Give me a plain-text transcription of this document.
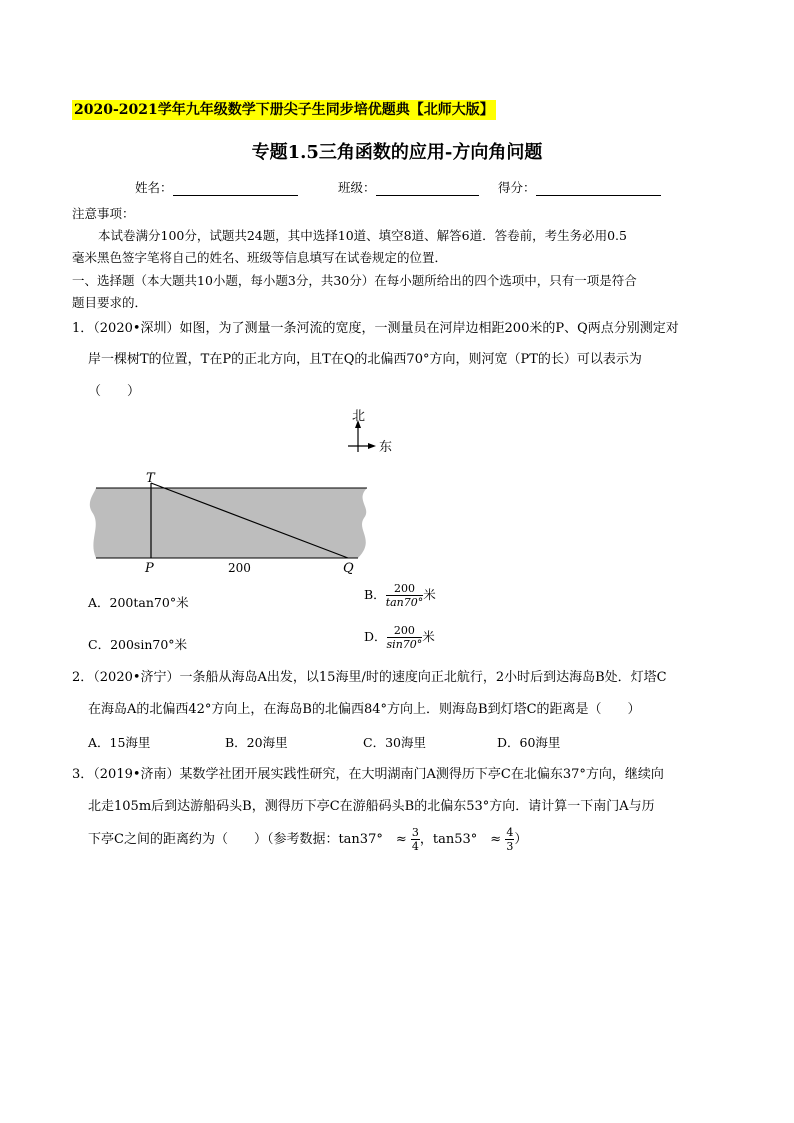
2020-2021学年九年级数学下册尖子生同步培优题典【北师大版】
专题1.5三角函数的应用-方向角问题
姓名：	班级：	得分：
注意事项：
本试卷满分100分，试题共24题，其中选择10道、填空8道、解答6道．答卷前，考生务必用0.5
毫米黑色签字笔将自己的姓名、班级等信息填写在试卷规定的位置．
一、选择题（本大题共10小题，每小题3分，共30分）在每小题所给出的四个选项中，只有一项是符合
题目要求的．
1．（2020•深圳）如图，为了测量一条河流的宽度，一测量员在河岸边相距200米的P、Q两点分别测定对
岸一棵树T的位置，T在P的正北方向，且T在Q的北偏西70°方向，则河宽（PT的长）可以表示为
（　　）
北
东
T
P	Q
200
A．200tan70°米
B． $\frac{200}{\tan 70^\circ}$ 米
C．200sin70°米
D． $\frac{200}{\sin 70^\circ}$ 米
2．（2020•济宁）一条船从海岛A出发，以15海里/时的速度向正北航行，2小时后到达海岛B处．灯塔C
在海岛A的北偏西42°方向上，在海岛B的北偏西84°方向上．则海岛B到灯塔C的距离是（　　）
A．15海里	B．20海里	C．30海里	D．60海里
3．（2019•济南）某数学社团开展实践性研究，在大明湖南门A测得历下亭C在北偏东37°方向，继续向
北走105m后到达游船码头B，测得历下亭C在游船码头B的北偏东53°方向．请计算一下南门A与历
下亭C之间的距离约为（　　）（参考数据：tan37°　≈ $\frac{3}{4}$ ，tan53°　≈ $\frac{4}{3}$ ）
